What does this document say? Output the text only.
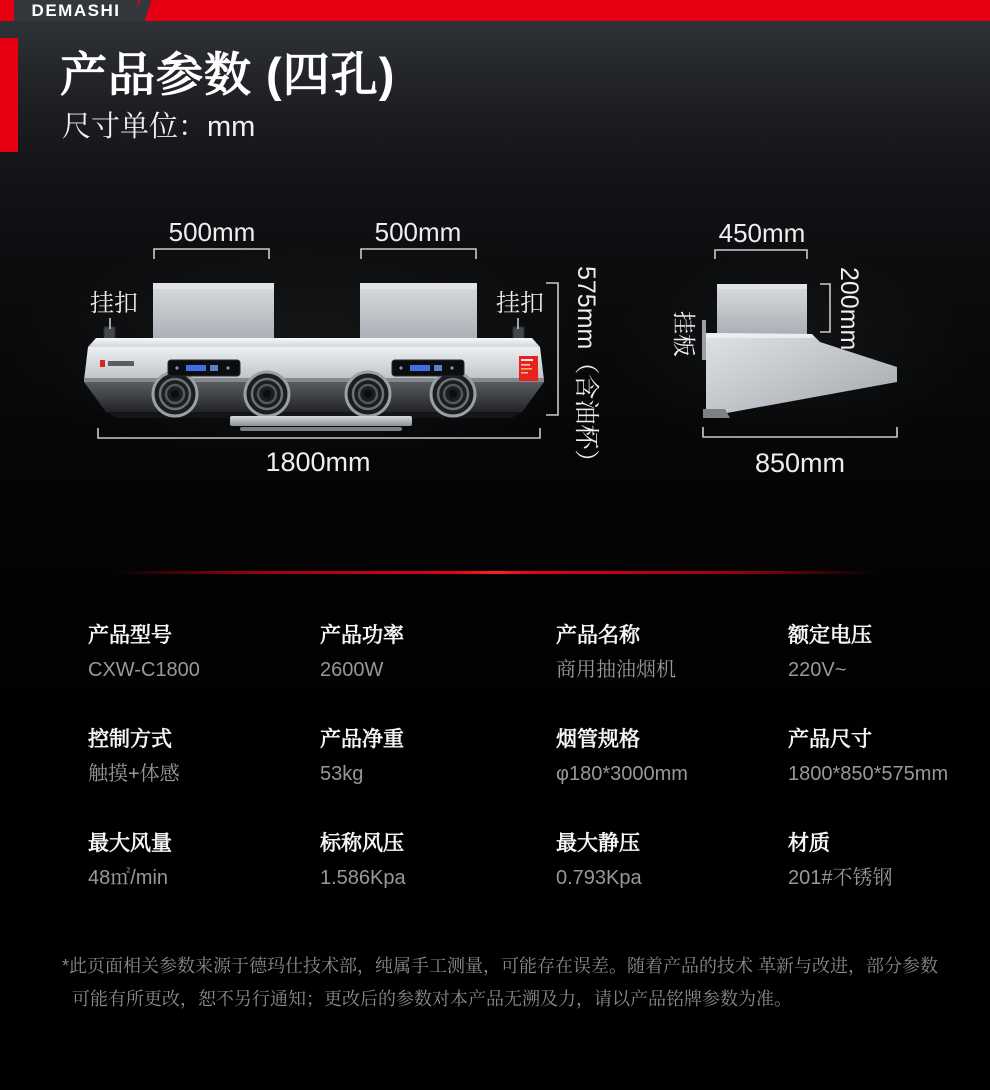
DEMASHI
产品参数 (四孔)
尺寸单位：mm
500mm	500mm
挂扣	挂扣 575mm（含油杯）
1800mm
450mm
200mm
挂板
850mm
产品型号
CXW-C1800
产品功率
2600W
产品名称
商用抽油烟机
额定电压
220V~
控制方式
触摸+体感
产品净重
53kg
烟管规格
φ180*3000mm
产品尺寸
1800*850*575mm
最大风量
48㎡/min
标称风压
1.586Kpa
最大静压
0.793Kpa
材质
201#不锈钢
*此页面相关参数来源于德玛仕技术部，纯属手工测量，可能存在误差。随着产品的技术 革新与改进，部分参数
可能有所更改，恕不另行通知；更改后的参数对本产品无溯及力，请以产品铭牌参数为准。
